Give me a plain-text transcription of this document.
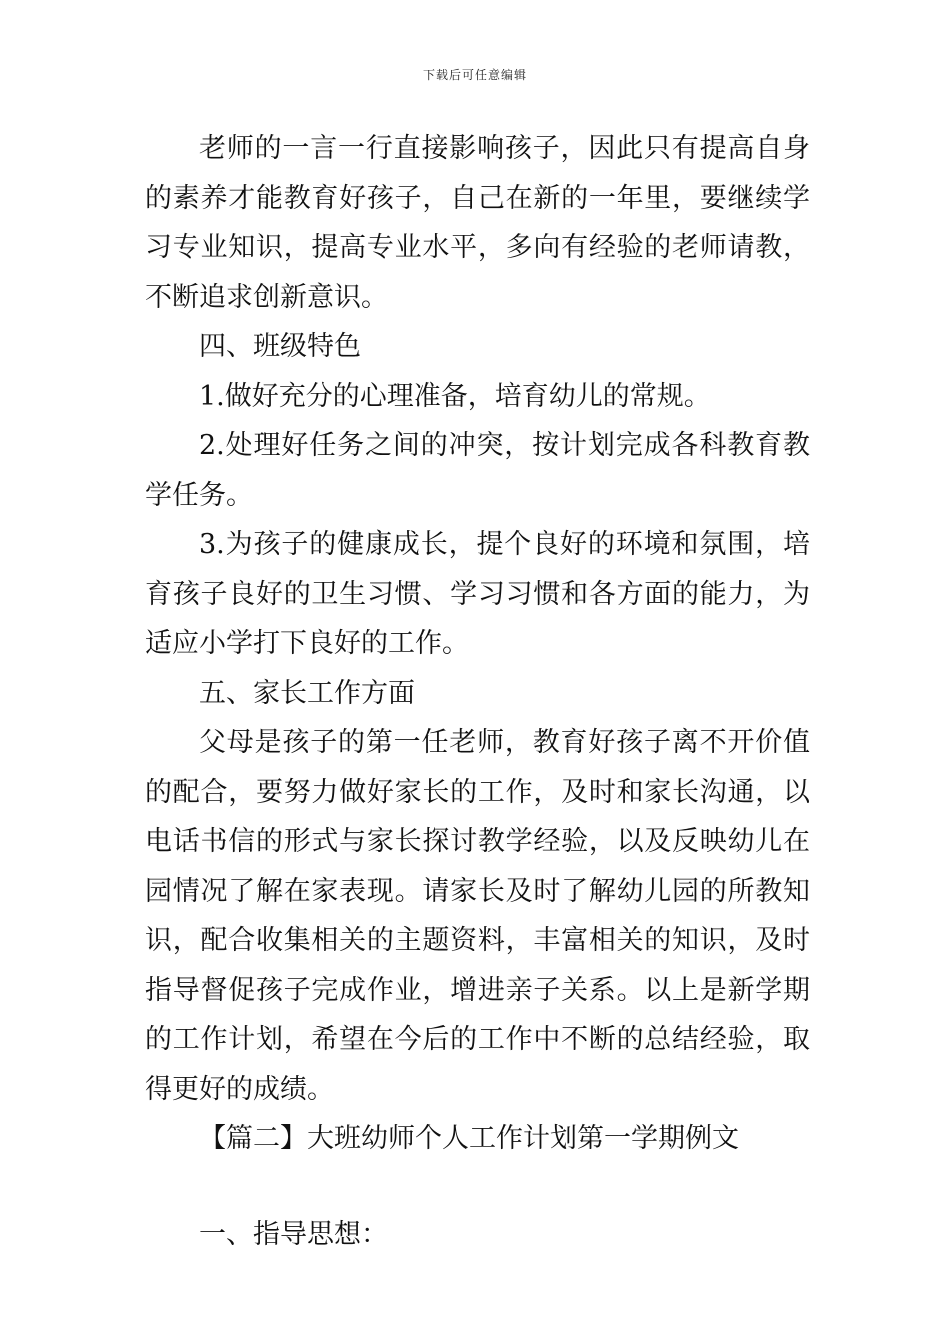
下载后可任意编辑

老师的一言一行直接影响孩子，因此只有提高自身的素养才能教育好孩子，自己在新的一年里，要继续学习专业知识，提高专业水平，多向有经验的老师请教，不断追求创新意识。

四、班级特色

1.做好充分的心理准备，培育幼儿的常规。

2.处理好任务之间的冲突，按计划完成各科教育教学任务。

3.为孩子的健康成长，提个良好的环境和氛围，培育孩子良好的卫生习惯、学习习惯和各方面的能力，为适应小学打下良好的工作。

五、家长工作方面

父母是孩子的第一任老师，教育好孩子离不开价值的配合，要努力做好家长的工作，及时和家长沟通，以电话书信的形式与家长探讨教学经验，以及反映幼儿在园情况了解在家表现。请家长及时了解幼儿园的所教知识，配合收集相关的主题资料，丰富相关的知识，及时指导督促孩子完成作业，增进亲子关系。以上是新学期的工作计划，希望在今后的工作中不断的总结经验，取得更好的成绩。

【篇二】大班幼师个人工作计划第一学期例文

一、指导思想：
